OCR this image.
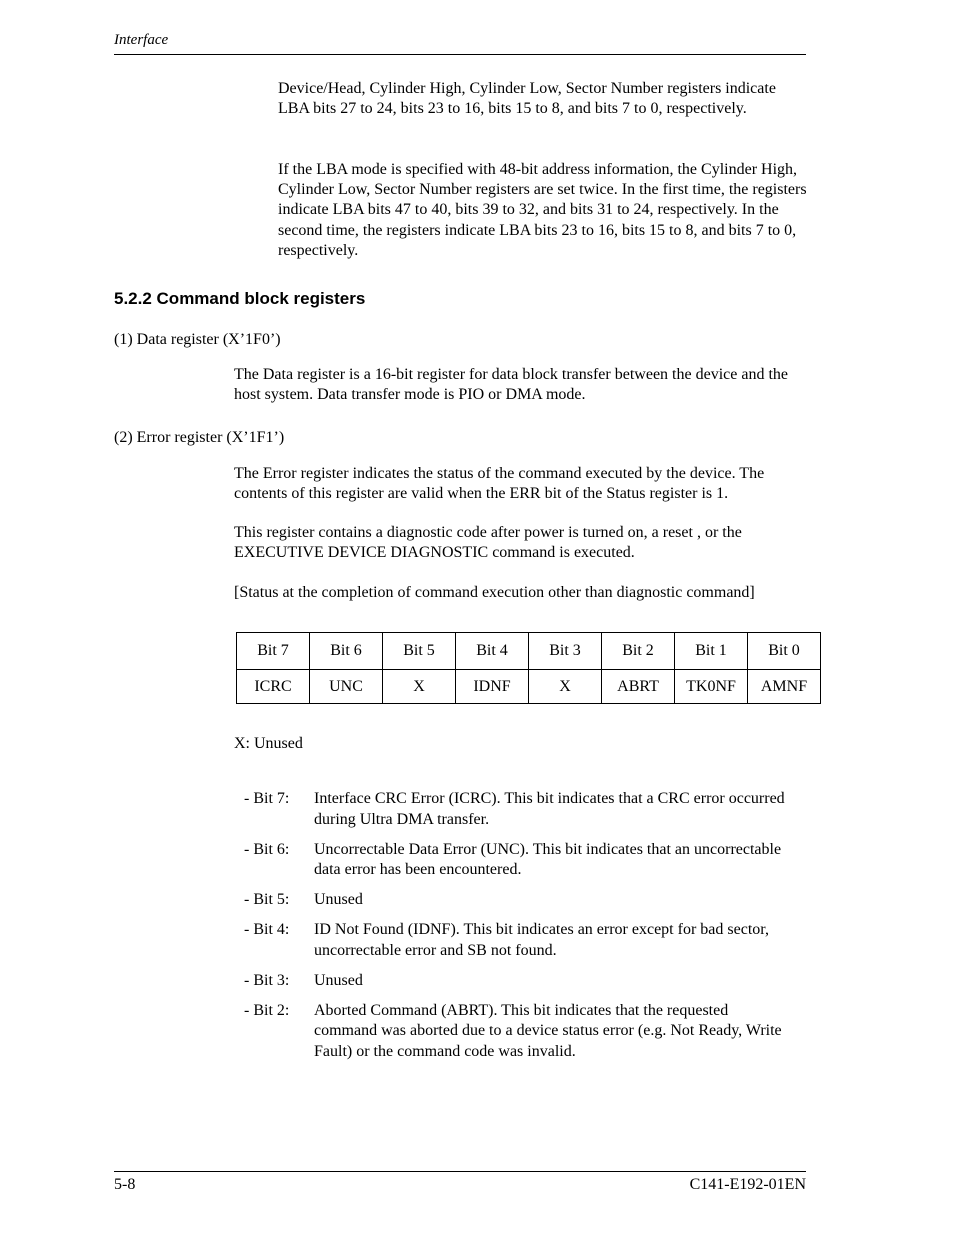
Interface
Device/Head, Cylinder High, Cylinder Low, Sector Number registers indicate LBA bits 27 to 24, bits 23 to 16, bits 15 to 8, and bits 7 to 0, respectively.
If the LBA mode is specified with 48-bit address information, the Cylinder High, Cylinder Low, Sector Number registers are set twice. In the first time, the registers indicate LBA bits 47 to 40, bits 39 to 32, and bits 31 to 24, respectively. In the second time, the registers indicate LBA bits 23 to 16, bits 15 to 8, and bits 7 to 0, respectively.
5.2.2 Command block registers
(1) Data register (X’1F0’)
The Data register is a 16-bit register for data block transfer between the device and the host system. Data transfer mode is PIO or DMA mode.
(2) Error register (X’1F1’)
The Error register indicates the status of the command executed by the device. The contents of this register are valid when the ERR bit of the Status register is 1.
This register contains a diagnostic code after power is turned on, a reset , or the EXECUTIVE DEVICE DIAGNOSTIC command is executed.
[Status at the completion of command execution other than diagnostic command]
Bit 7	Bit 6	Bit 5	Bit 4	Bit 3	Bit 2	Bit 1	Bit 0
ICRC	UNC	X	IDNF	X	ABRT	TK0NF	AMNF
X: Unused
- Bit 7: Interface CRC Error (ICRC). This bit indicates that a CRC error occurred during Ultra DMA transfer.
- Bit 6: Uncorrectable Data Error (UNC). This bit indicates that an uncorrectable data error has been encountered.
- Bit 5: Unused
- Bit 4: ID Not Found (IDNF). This bit indicates an error except for bad sector, uncorrectable error and SB not found.
- Bit 3: Unused
- Bit 2: Aborted Command (ABRT). This bit indicates that the requested command was aborted due to a device status error (e.g. Not Ready, Write Fault) or the command code was invalid.
5-8	C141-E192-01EN
